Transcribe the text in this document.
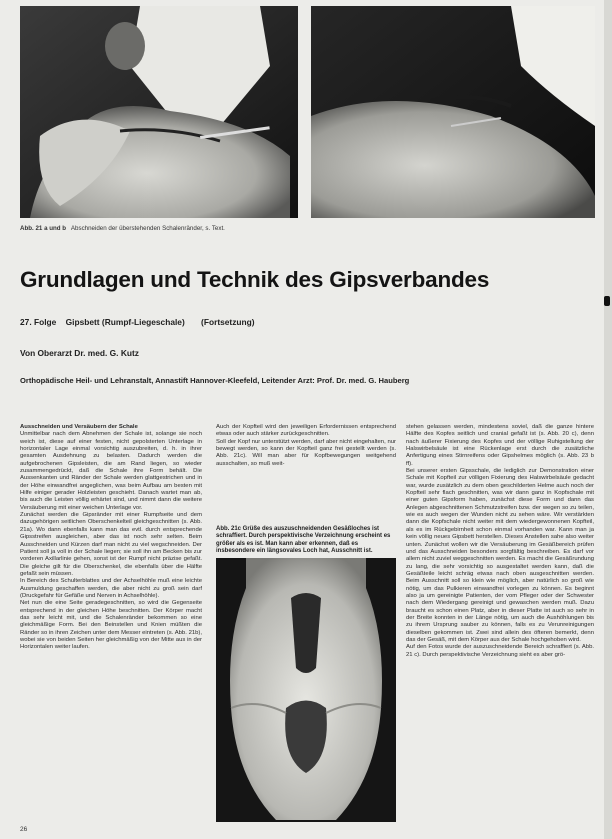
Abb. 21 a und b Abschneiden der überstehenden Schalenränder, s. Text.
Grundlagen und Technik des Gipsverbandes
27. Folge Gipsbett (Rumpf-Liegeschale) (Fortsetzung)
Von Oberarzt Dr. med. G. Kutz
Orthopädische Heil- und Lehranstalt, Annastift Hannover-Kleefeld, Leitender Arzt: Prof. Dr. med. G. Hauberg
Ausschneiden und Versäubern der Schale

Unmittelbar nach dem Abnehmen der Schale ist, solange sie noch weich ist, diese auf einer festen, nicht gepolsterten Unterlage in horizontaler Lage einmal vorsichtig auszubreiten, d. h. in ihrer gesamten Ausdehnung zu belasten. Dadurch werden die aufgebrochenen Gipsleisten, die am Rand liegen, so wieder zusammengedrückt, daß die Schale ihre Form behält. Die Aussenkanten und Ränder der Schale werden glattgestrichen und in der Höhe einwandfrei angeglichen, was beim Aufbau am besten mit Hilfe einiger gerader Holzleisten geschieht. Danach wartet man ab, bis auch die Leisten völlig erhärtet sind, und nimmt dann die weitere Versäuberung mit einer weichen Unterlage vor.
Zunächst werden die Gipsränder mit einer Rumpfseite und dem dazugehörigen seitlichen Oberschenkelteil gleichgeschnitten (s. Abb. 21a). Wo dann ebenfalls kann man das evtl. durch entsprechende Gipsstreifen ausgleichen, aber das ist noch sehr selten. Beim Ausschneiden und Kürzen darf man nicht zu viel wegschneiden. Der Patient soll ja voll in der Schale liegen; sie soll ihn am Becken bis zur vorderen Axillarlinie gehen, sonst ist der Rumpf nicht präzise gefaßt. Die gleiche gilt für die Oberschenkel, die ebenfalls über die Hälfte gefaßt sein müssen.
In Bereich des Schulterblattes und der Achselhöhle muß eine leichte Ausmuldung geschaffen werden, die aber nicht zu groß sein darf (Druckgefahr für Gefäße und Nerven in Achselhöhle).
Net nun die eine Seite geradegeschnitten, so wird die Gegenseite entsprechend in der gleichen Höhe beschnitten. Der Körper macht das sehr leicht mit, und die Schalenränder bekommen so eine gleichmäßige Form. Bei den Beinstellen und Knien müßten die Ränder so in ihren Zeichen unter dem Messer eintreten (s. Abb. 21b), wobei sie von beiden Seiten her gleichmäßig von der Mitte aus in der Horizontalen weiter laufen.

Auch der Kopfteil wird den jeweiligen Erfordernissen entsprechend etwas oder auch stärker zurückgeschnitten.
Soll der Kopf nur unterstützt werden, darf aber nicht eingehalten, nur bewegt werden, so kann der Kopfteil ganz frei gestellt werden (s. Abb. 21c). Will man aber für Kopfbewegungen weitgehend ausschalten, so muß weit-

Abb. 21c Grüße des auszuschneidenden Gesäßloches ist schraffiert. Durch perspektivische Verzeichnung erscheint es größer als es ist. Man kann aber erkennen, daß es insbesondere ein längsovales Loch hat, Ausschnitt ist.

stehen gelassen werden, mindestens soviel, daß die ganze hintere Hälfte des Kopfes seitlich und cranial gefaßt ist (s. Abb. 20 c), denn nach äußerer Fixierung des Kopfes und der völlige Ruhigstellung der Halswirbelsäule ist eine Rückenlage erst durch die zusätzliche Anfertigung eines Stirnreifens oder Gipshelmes möglich (s. Abb. 23 b ff).
Bei unserer ersten Gipsschale, die lediglich zur Demonstration einer Schale mit Kopfteil zur völligen Fixierung des Halswirbelsäule gedacht war, wurde zusätzlich zu dem oben geschilderten Helme auch noch der Kopfteil sehr flach geschnitten, was wir dann ganz in Kopfschale mit einer guten Gipsform haben, zunächst diese Form und dann das Anlegen abgeschnittenen Schmutzstreifen bzw. der wegen so zu teilen, wie es auch wegen der Wunden nicht zu sehen wäre. Wir verstärkten dann die Kopfschale nicht weiter mit dem wiedergewonnenen Kopfteil, als es im Rückgebirnheit schon einmal vorhanden war. Kann man ja kein völlig neues Gipsbett herstellen. Dieses Anstellen sahe also weiter unten. Zunächst wollen wir die Versäuberung im Gesäßbereich prüfen und das Ausschneiden besonders sorgfältig beschreiben. Es darf vor allem nicht zuviel weggeschnitten werden. Es macht die Gesäßrundung zu lang, die sehr vorsichtig so ausgestaltet werden kann, daß die Gesäßteile leicht schräg etwas nach oben ausgeschnitten werden. Beim Ausschnitt soll so klein wie möglich, aber natürlich so groß wie nötig, um das Pulkieren einwandfrei vorlegen zu können. Es beginnt also ja um gereinigte Patienten, der vom Pfleger oder der Schwester nach dem Wiedergang gereinigt und gewaschen werden muß. Dazu braucht es schon einen Platz, aber in dieser Platte ist auch so sehr in der Breite konnten in der Länge nötig, um auch die Aushöhlungen bis zu ihrem Ursprung sauber zu können, falls es zu Verunreinigungen dieselben gekommen ist. Zwei sind allein des öfteren bemerkt, denn das der Gesäß, mit dem Körper aus der Schale hochgehoben wird.
Auf den Fotos wurde der auszuschneidende Bereich schraffiert (s. Abb. 21 c). Durch perspektivische Verzeichnung sieht es aber grö-

26
